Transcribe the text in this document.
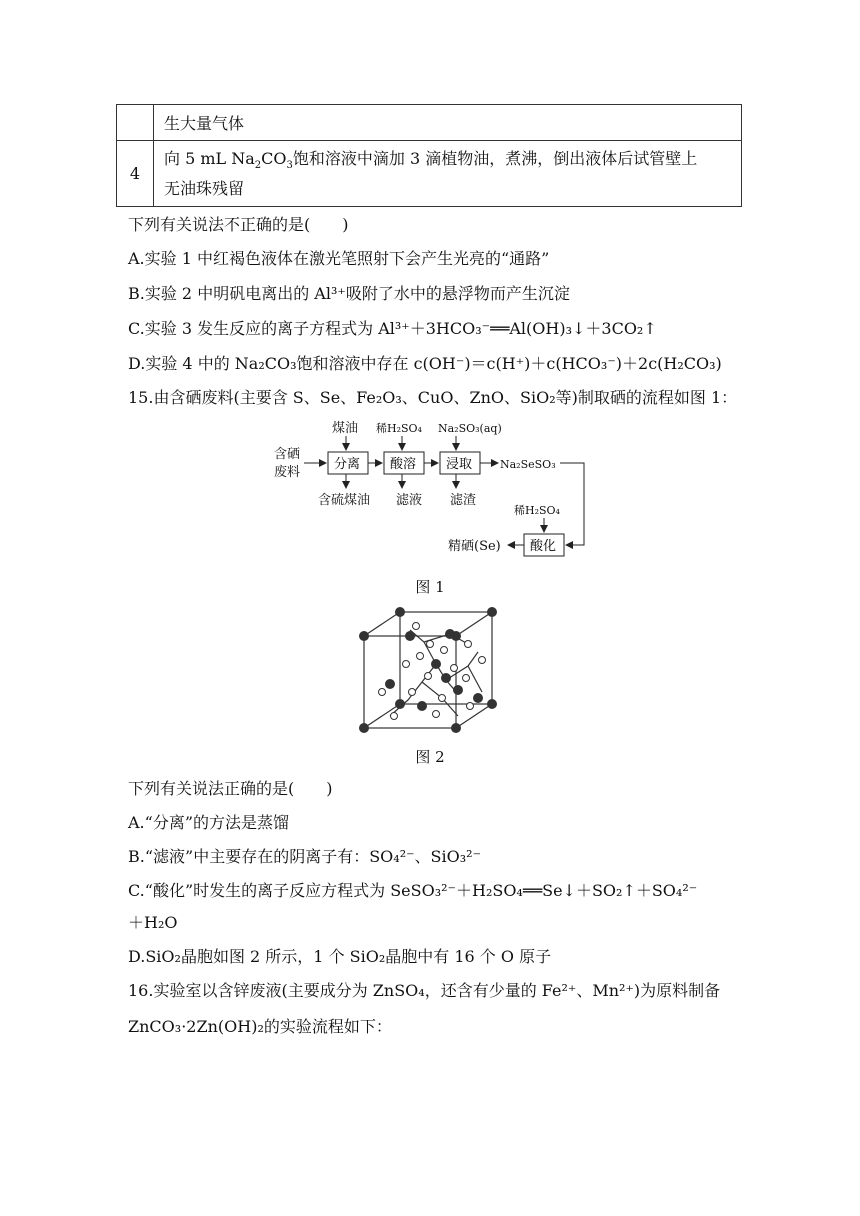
	生大量气体
4	向 5 mL $Na_2CO_3$饱和溶液中滴加 3 滴植物油，煮沸，倒出液体后试管壁上
无油珠残留
下列有关说法不正确的是(　　)
A.实验 1 中红褐色液体在激光笔照射下会产生光亮的“通路”
B.实验 2 中明矾电离出的 Al³⁺吸附了水中的悬浮物而产生沉淀
C.实验 3 发生反应的离子方程式为 Al³⁺＋3HCO₃⁻══Al(OH)₃↓＋3CO₂↑
D.实验 4 中的 Na₂CO₃饱和溶液中存在 c(OH⁻)＝c(H⁺)＋c(HCO₃⁻)＋2c(H₂CO₃)
15.由含硒废料(主要含 S、Se、Fe₂O₃、CuO、ZnO、SiO₂等)制取硒的流程如图 1：
含硒
废料
煤油 稀H₂SO₄ Na₂SO₃(aq)
含硫煤油 滤液 滤渣
Na₂SeSO₃
稀H₂SO₄
精硒(Se)
分离 酸溶 浸取
酸化
图 1
图 2
下列有关说法正确的是(　　)
A.“分离”的方法是蒸馏
B.“滤液”中主要存在的阴离子有：SO₄²⁻、SiO₃²⁻
C.“酸化”时发生的离子反应方程式为 SeSO₃²⁻＋H₂SO₄══Se↓＋SO₂↑＋SO₄²⁻
＋H₂O
D.SiO₂晶胞如图 2 所示，1 个 SiO₂晶胞中有 16 个 O 原子
16.实验室以含锌废液(主要成分为 ZnSO₄，还含有少量的 Fe²⁺、Mn²⁺)为原料制备
ZnCO₃·2Zn(OH)₂的实验流程如下：
